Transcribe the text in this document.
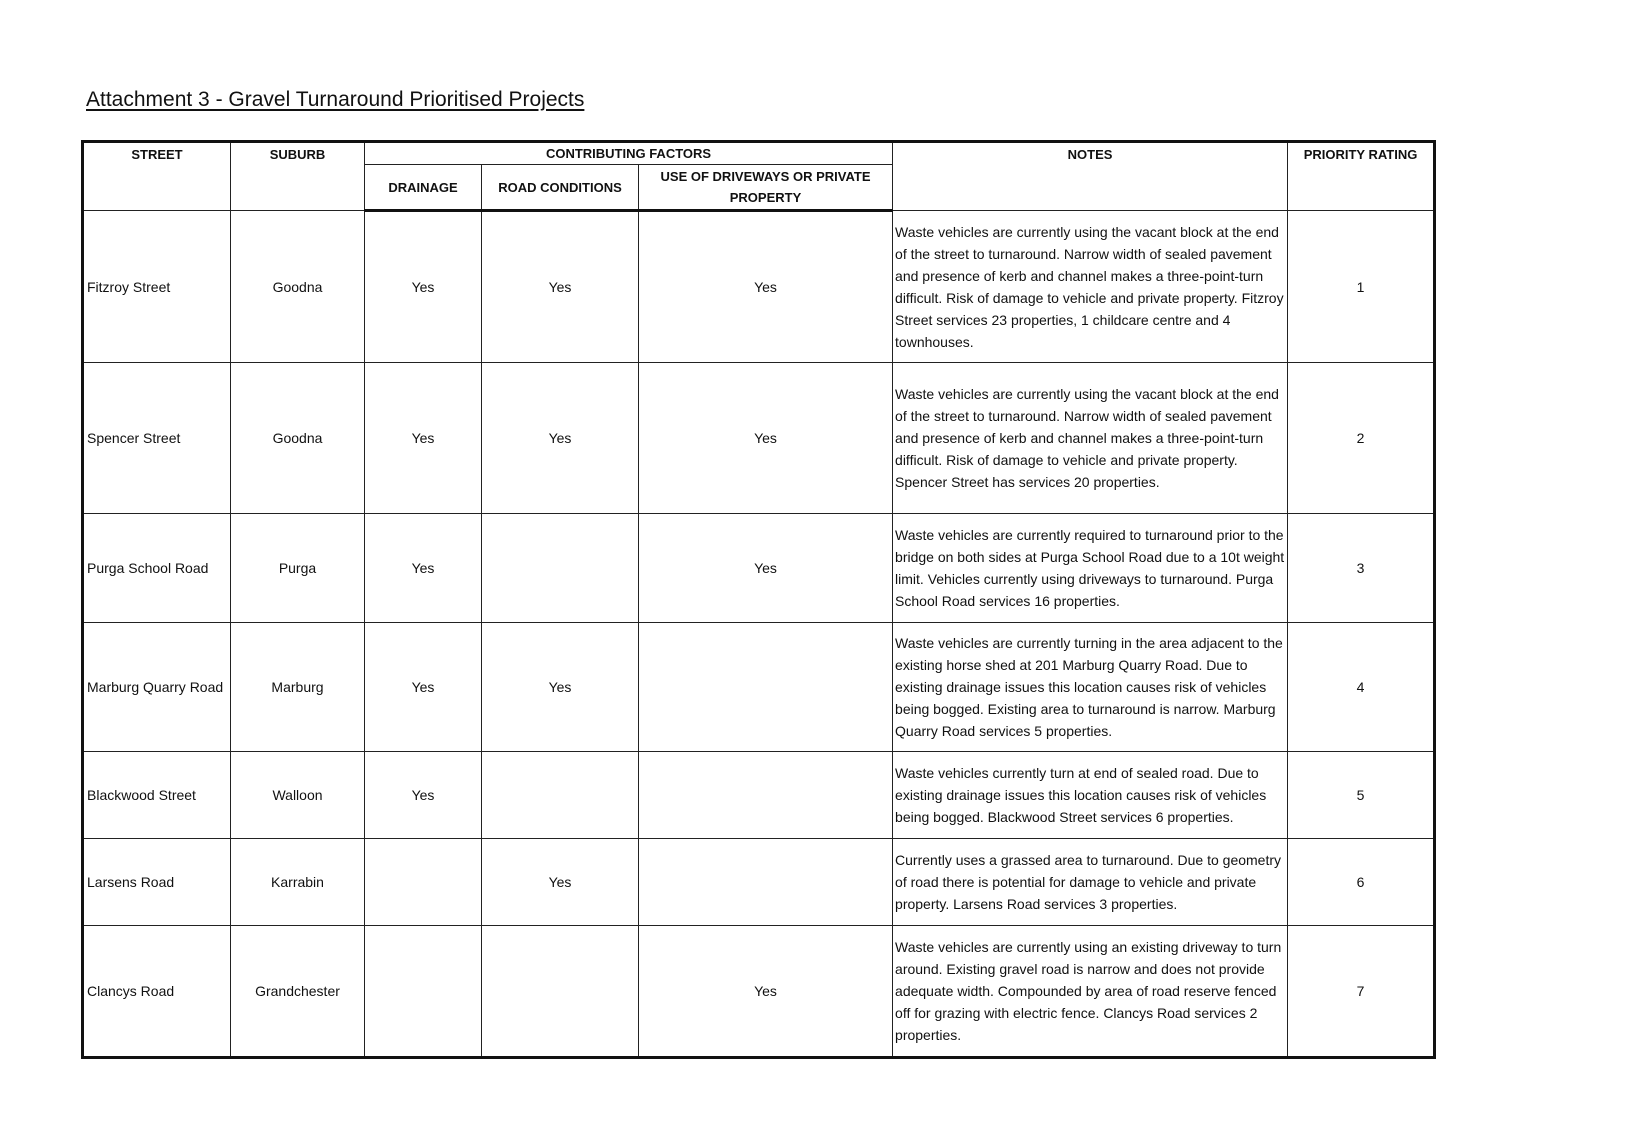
Attachment 3 - Gravel Turnaround Prioritised Projects
STREET	SUBURB	CONTRIBUTING FACTORS			NOTES	PRIORITY RATING
		DRAINAGE	ROAD CONDITIONS	USE OF DRIVEWAYS OR PRIVATE PROPERTY		
Fitzroy Street	Goodna	Yes	Yes	Yes	Waste vehicles are currently using the vacant block at the end of the street to turnaround. Narrow width of sealed pavement and presence of kerb and channel makes a three-point-turn difficult. Risk of damage to vehicle and private property. Fitzroy Street services 23 properties, 1 childcare centre and 4 townhouses.	1
Spencer Street	Goodna	Yes	Yes	Yes	Waste vehicles are currently using the vacant block at the end of the street to turnaround. Narrow width of sealed pavement and presence of kerb and channel makes a three-point-turn difficult. Risk of damage to vehicle and private property. Spencer Street has services 20 properties.	2
Purga School Road	Purga	Yes		Yes	Waste vehicles are currently required to turnaround prior to the bridge on both sides at Purga School Road due to a 10t weight limit. Vehicles currently using driveways to turnaround. Purga School Road services 16 properties.	3
Marburg Quarry Road	Marburg	Yes	Yes		Waste vehicles are currently turning in the area adjacent to the existing horse shed at 201 Marburg Quarry Road. Due to existing drainage issues this location causes risk of vehicles being bogged. Existing area to turnaround is narrow. Marburg Quarry Road services 5 properties.	4
Blackwood Street	Walloon	Yes			Waste vehicles currently turn at end of sealed road. Due to existing drainage issues this location causes risk of vehicles being bogged. Blackwood Street services 6 properties.	5
Larsens Road	Karrabin		Yes		Currently uses a grassed area to turnaround. Due to geometry of road there is potential for damage to vehicle and private property. Larsens Road services 3 properties.	6
Clancys Road	Grandchester			Yes	Waste vehicles are currently using an existing driveway to turn around. Existing gravel road is narrow and does not provide adequate width. Compounded by area of road reserve fenced off for grazing with electric fence. Clancys Road services 2 properties.	7
